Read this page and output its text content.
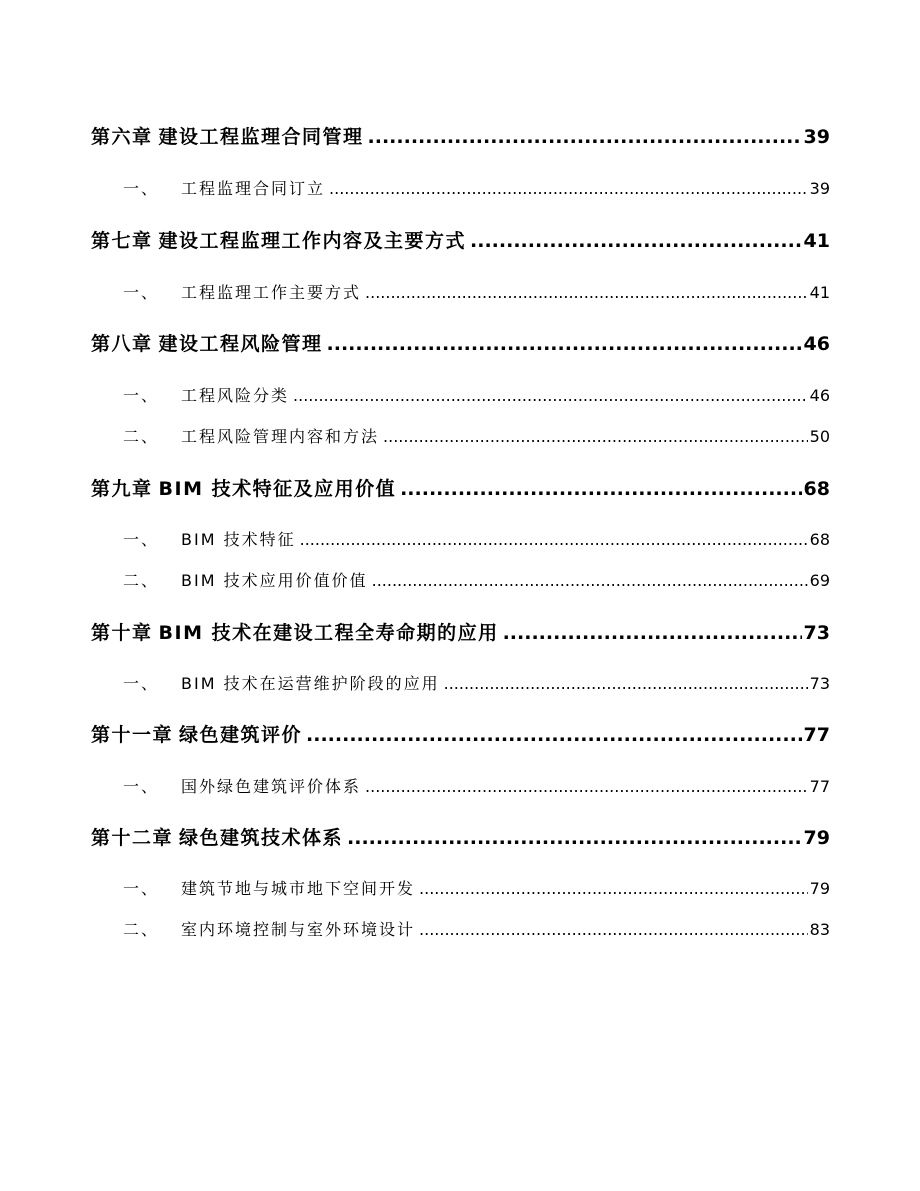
第六章 建设工程监理合同管理 .....	39
一、 工程监理合同订立 .....	39
第七章 建设工程监理工作内容及主要方式 .....	41
一、 工程监理工作主要方式 .....	41
第八章 建设工程风险管理 .....	46
一、 工程风险分类 .....	46
二、 工程风险管理内容和方法 .....	50
第九章 BIM 技术特征及应用价值 .....	68
一、 BIM 技术特征 .....	68
二、 BIM 技术应用价值价值 .....	69
第十章 BIM 技术在建设工程全寿命期的应用 .....	73
一、 BIM 技术在运营维护阶段的应用 .....	73
第十一章 绿色建筑评价 .....	77
一、 国外绿色建筑评价体系 .....	77
第十二章 绿色建筑技术体系 .....	79
一、 建筑节地与城市地下空间开发 .....	79
二、 室内环境控制与室外环境设计 .....	83
